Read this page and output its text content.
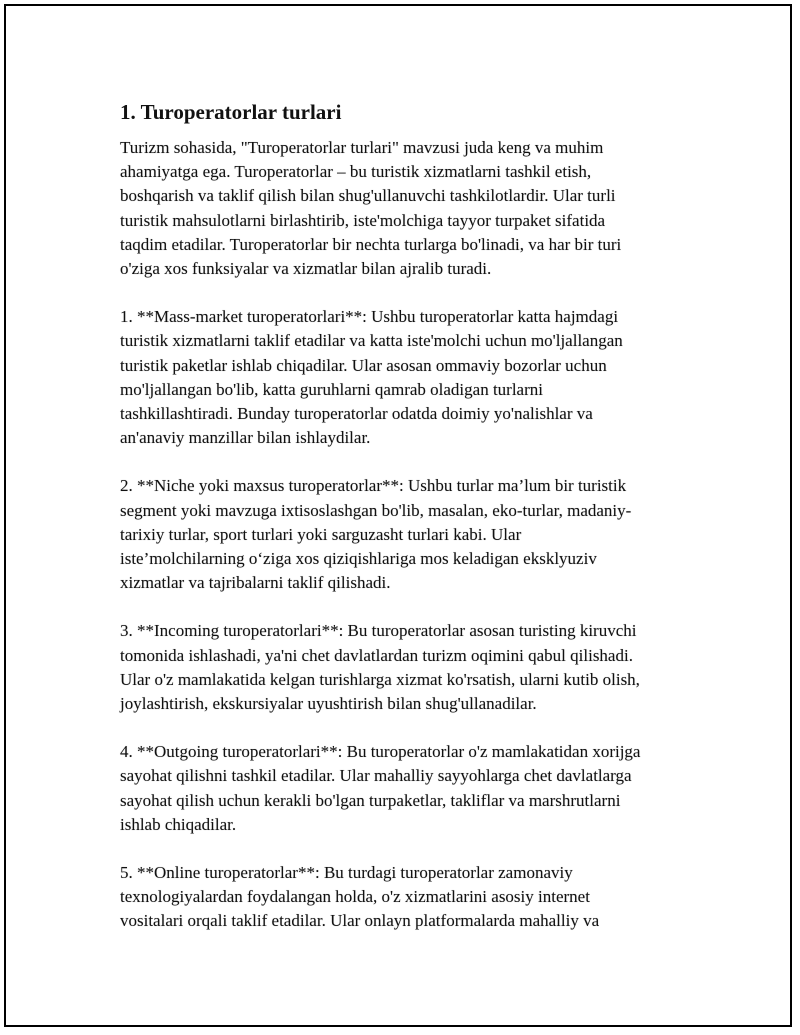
1. Turoperatorlar turlari

Turizm sohasida, "Turoperatorlar turlari" mavzusi juda keng va muhim
ahamiyatga ega. Turoperatorlar – bu turistik xizmatlarni tashkil etish,
boshqarish va taklif qilish bilan shug'ullanuvchi tashkilotlardir. Ular turli
turistik mahsulotlarni birlashtirib, iste'molchiga tayyor turpaket sifatida
taqdim etadilar. Turoperatorlar bir nechta turlarga bo'linadi, va har bir turi
o'ziga xos funksiyalar va xizmatlar bilan ajralib turadi.

1. **Mass-market turoperatorlari**: Ushbu turoperatorlar katta hajmdagi
turistik xizmatlarni taklif etadilar va katta iste'molchi uchun mo'ljallangan
turistik paketlar ishlab chiqadilar. Ular asosan ommaviy bozorlar uchun
mo'ljallangan bo'lib, katta guruhlarni qamrab oladigan turlarni
tashkillashtiradi. Bunday turoperatorlar odatda doimiy yo'nalishlar va
an'anaviy manzillar bilan ishlaydilar.

2. **Niche yoki maxsus turoperatorlar**: Ushbu turlar ma’lum bir turistik
segment yoki mavzuga ixtisoslashgan bo'lib, masalan, eko-turlar, madaniy-
tarixiy turlar, sport turlari yoki sarguzasht turlari kabi. Ular
iste’molchilarning o‘ziga xos qiziqishlariga mos keladigan eksklyuziv
xizmatlar va tajribalarni taklif qilishadi.

3. **Incoming turoperatorlari**: Bu turoperatorlar asosan turisting kiruvchi
tomonida ishlashadi, ya'ni chet davlatlardan turizm oqimini qabul qilishadi.
Ular o'z mamlakatida kelgan turishlarga xizmat ko'rsatish, ularni kutib olish,
joylashtirish, ekskursiyalar uyushtirish bilan shug'ullanadilar.

4. **Outgoing turoperatorlari**: Bu turoperatorlar o'z mamlakatidan xorijga
sayohat qilishni tashkil etadilar. Ular mahalliy sayyohlarga chet davlatlarga
sayohat qilish uchun kerakli bo'lgan turpaketlar, takliflar va marshrutlarni
ishlab chiqadilar.

5. **Online turoperatorlar**: Bu turdagi turoperatorlar zamonaviy
texnologiyalardan foydalangan holda, o'z xizmatlarini asosiy internet
vositalari orqali taklif etadilar. Ular onlayn platformalarda mahalliy va
